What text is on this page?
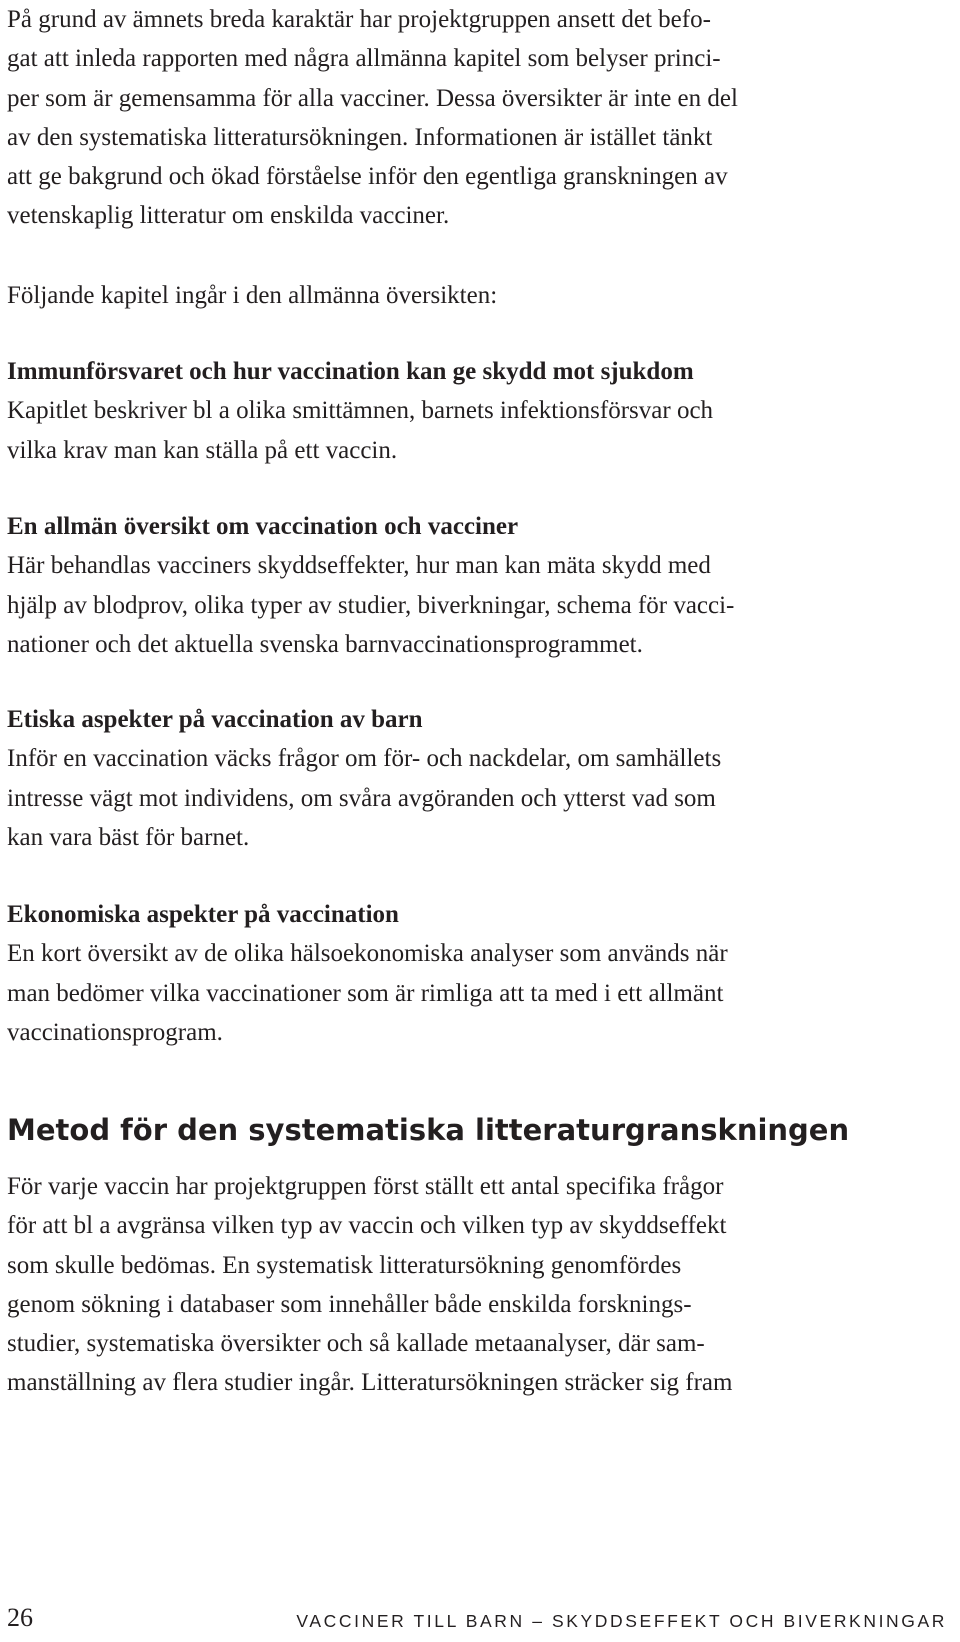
På grund av ämnets breda karaktär har projektgruppen ansett det befo-
gat att inleda rapporten med några allmänna kapitel som belyser princi-
per som är gemensamma för alla vacciner. Dessa översikter är inte en del
av den systematiska litteratursökningen. Informationen är istället tänkt
att ge bakgrund och ökad förståelse inför den egentliga granskningen av
vetenskaplig litteratur om enskilda vacciner.

Följande kapitel ingår i den allmänna översikten:

Immunförsvaret och hur vaccination kan ge skydd mot sjukdom

Kapitlet beskriver bl a olika smittämnen, barnets infektionsförsvar och
vilka krav man kan ställa på ett vaccin.

En allmän översikt om vaccination och vacciner

Här behandlas vacciners skyddseffekter, hur man kan mäta skydd med
hjälp av blodprov, olika typer av studier, biverkningar, schema för vacci-
nationer och det aktuella svenska barnvaccinationsprogrammet.

Etiska aspekter på vaccination av barn

Inför en vaccination väcks frågor om för- och nackdelar, om samhällets
intresse vägt mot individens, om svåra avgöranden och ytterst vad som
kan vara bäst för barnet.

Ekonomiska aspekter på vaccination

En kort översikt av de olika hälsoekonomiska analyser som används när
man bedömer vilka vaccinationer som är rimliga att ta med i ett allmänt
vaccinationsprogram.

Metod för den systematiska litteraturgranskningen

För varje vaccin har projektgruppen först ställt ett antal specifika frågor
för att bl a avgränsa vilken typ av vaccin och vilken typ av skyddseffekt
som skulle bedömas. En systematisk litteratursökning genomfördes
genom sökning i databaser som innehåller både enskilda forsknings-
studier, systematiska översikter och så kallade metaanalyser, där sam-
manställning av flera studier ingår. Litteratursökningen sträcker sig fram

26	VACCINER TILL BARN – SKYDDSEFFEKT OCH BIVERKNINGAR
